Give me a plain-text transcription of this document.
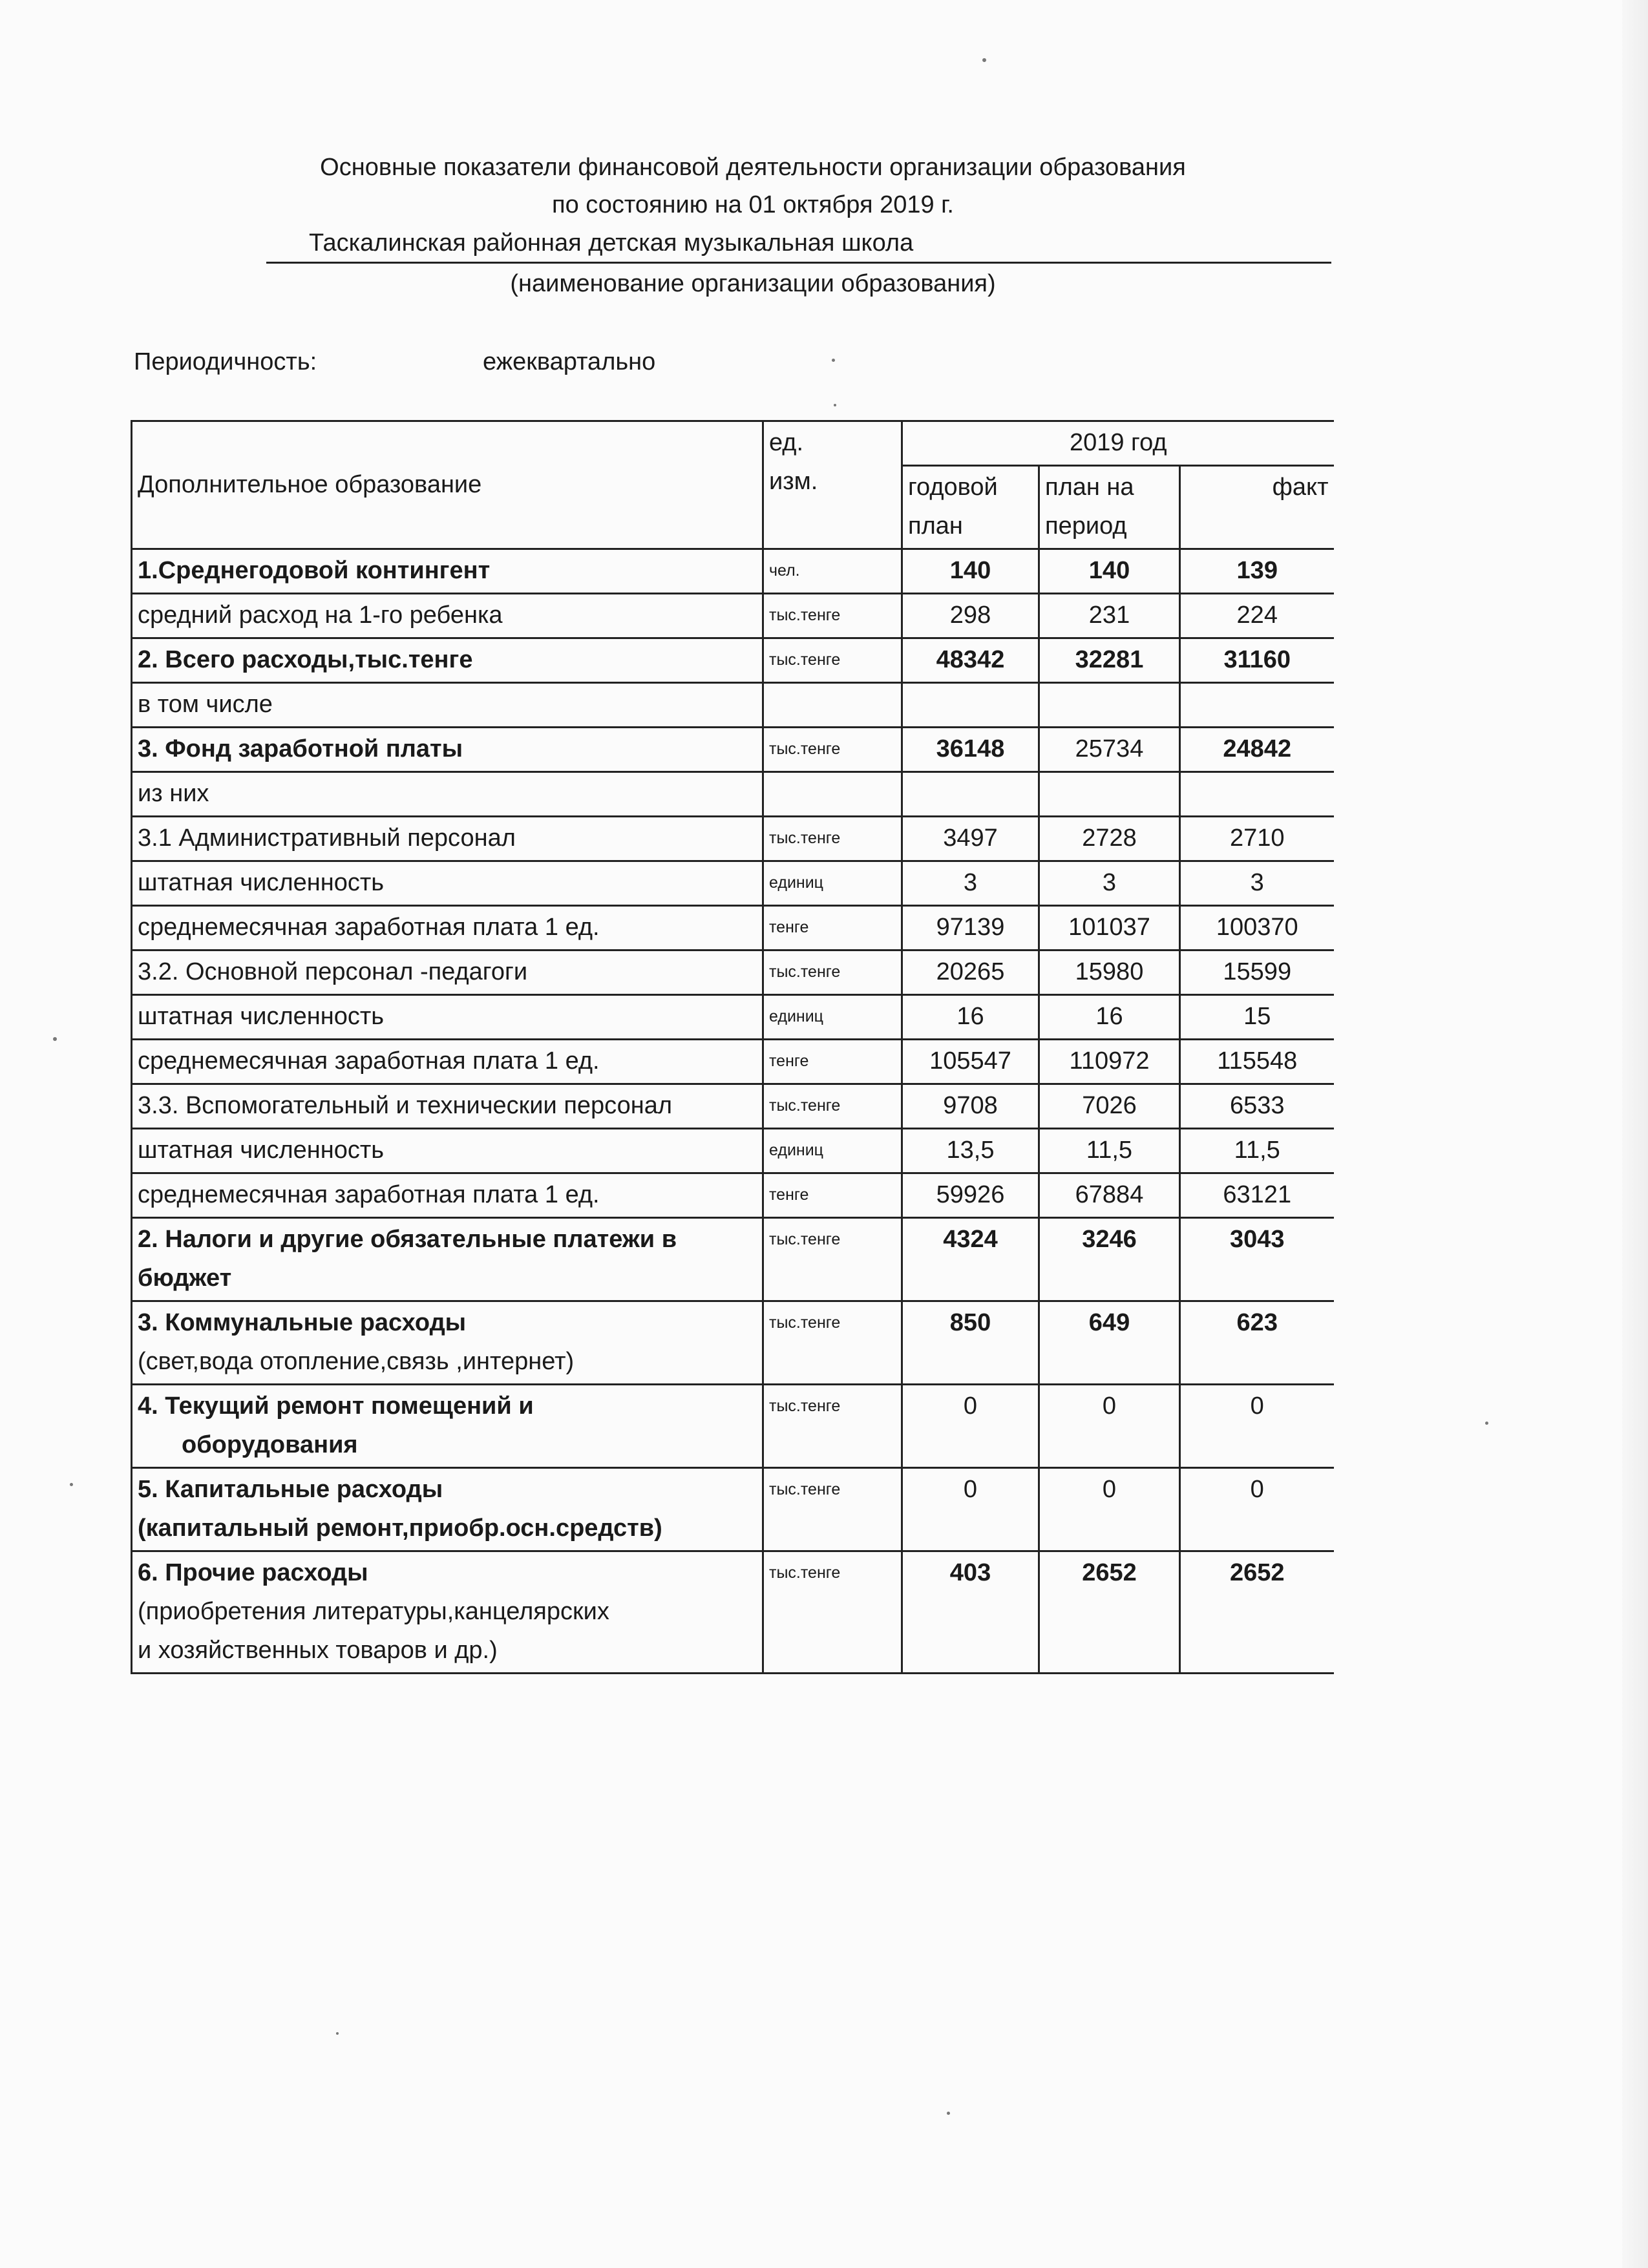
Основные показатели финансовой деятельности организации образования
по состоянию на 01 октября 2019 г.
Таскалинская районная детская музыкальная школа
(наименование организации образования)
Периодичность:	ежеквартально
Дополнительное образование	ед. изм.	2019 год		
		годовой план	план на период	факт
1.Среднегодовой контингент	чел.	140	140	139
средний расход на 1-го ребенка	тыс.тенге	298	231	224
2. Всего расходы,тыс.тенге	тыс.тенге	48342	32281	31160
в том числе				
3. Фонд заработной платы	тыс.тенге	36148	25734	24842
из них				
3.1 Административный персонал	тыс.тенге	3497	2728	2710
штатная численность	единиц	3	3	3
среднемесячная заработная плата 1 ед.	тенге	97139	101037	100370
3.2. Основной персонал -педагоги	тыс.тенге	20265	15980	15599
штатная численность	единиц	16	16	15
среднемесячная заработная плата 1 ед.	тенге	105547	110972	115548
3.3. Вспомогательный и техническии персонал	тыс.тенге	9708	7026	6533
штатная численность	единиц	13,5	11,5	11,5
среднемесячная заработная плата 1 ед.	тенге	59926	67884	63121
2. Налоги и другие обязательные платежи в бюджет	тыс.тенге	4324	3246	3043
3. Коммунальные расходы
(свет,вода отопление,связь ,интернет)	тыс.тенге	850	649	623
4. Текущий ремонт помещений и
оборудования	тыс.тенге	0	0	0
5. Капитальные расходы
(капитальный ремонт,приобр.осн.средств)	тыс.тенге	0	0	0
6. Прочие расходы
(приобретения литературы,канцелярских
и хозяйственных товаров и др.)	тыс.тенге	403	2652	2652
